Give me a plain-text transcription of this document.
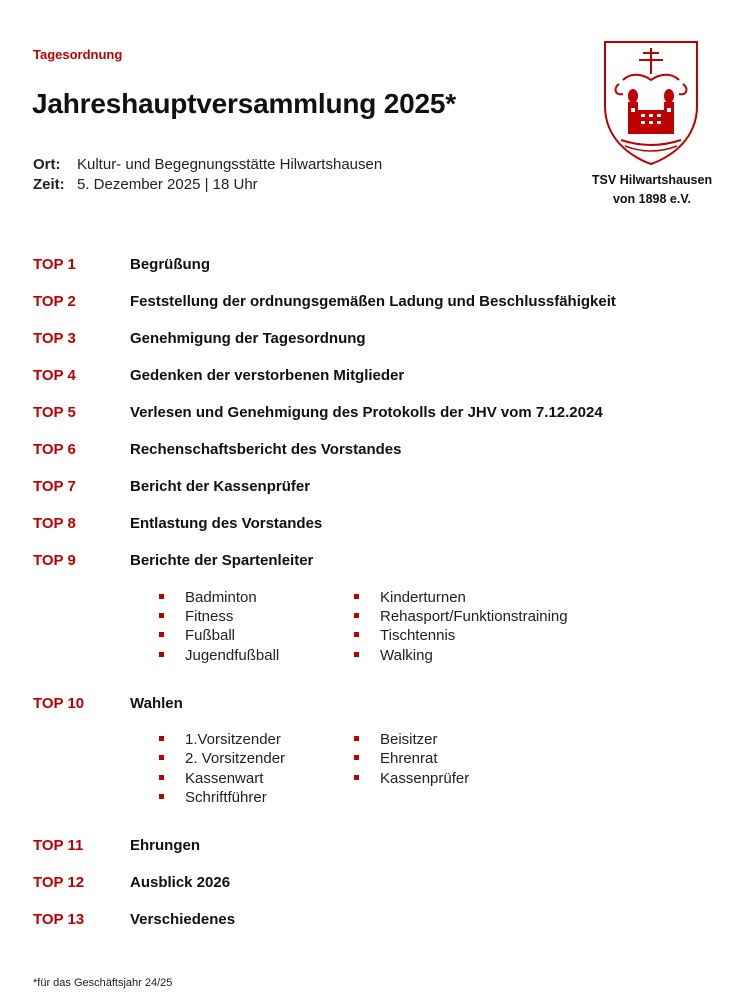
Tagesordnung
Jahreshauptversammlung 2025*
Ort: Kultur- und Begegnungsstätte Hilwartshausen
Zeit: 5. Dezember 2025 | 18 Uhr	TSV Hilwartshausen
von 1898 e.V.
TOP 1	Begrüßung
TOP 2	Feststellung der ordnungsgemäßen Ladung und Beschlussfähigkeit
TOP 3	Genehmigung der Tagesordnung
TOP 4	Gedenken der verstorbenen Mitglieder
TOP 5	Verlesen und Genehmigung des Protokolls der JHV vom 7.12.2024
TOP 6	Rechenschaftsbericht des Vorstandes
TOP 7	Bericht der Kassenprüfer
TOP 8	Entlastung des Vorstandes
TOP 9	Berichte der Spartenleiter
Badminton
Fitness
Fußball
Jugendfußball
Kinderturnen
Rehasport/Funktionstraining
Tischtennis
Walking
TOP 10	Wahlen
1.Vorsitzender
2. Vorsitzender
Kassenwart
Schriftführer
Beisitzer
Ehrenrat
Kassenprüfer
TOP 11	Ehrungen
TOP 12	Ausblick 2026
TOP 13	Verschiedenes
*für das Geschäftsjahr 24/25
